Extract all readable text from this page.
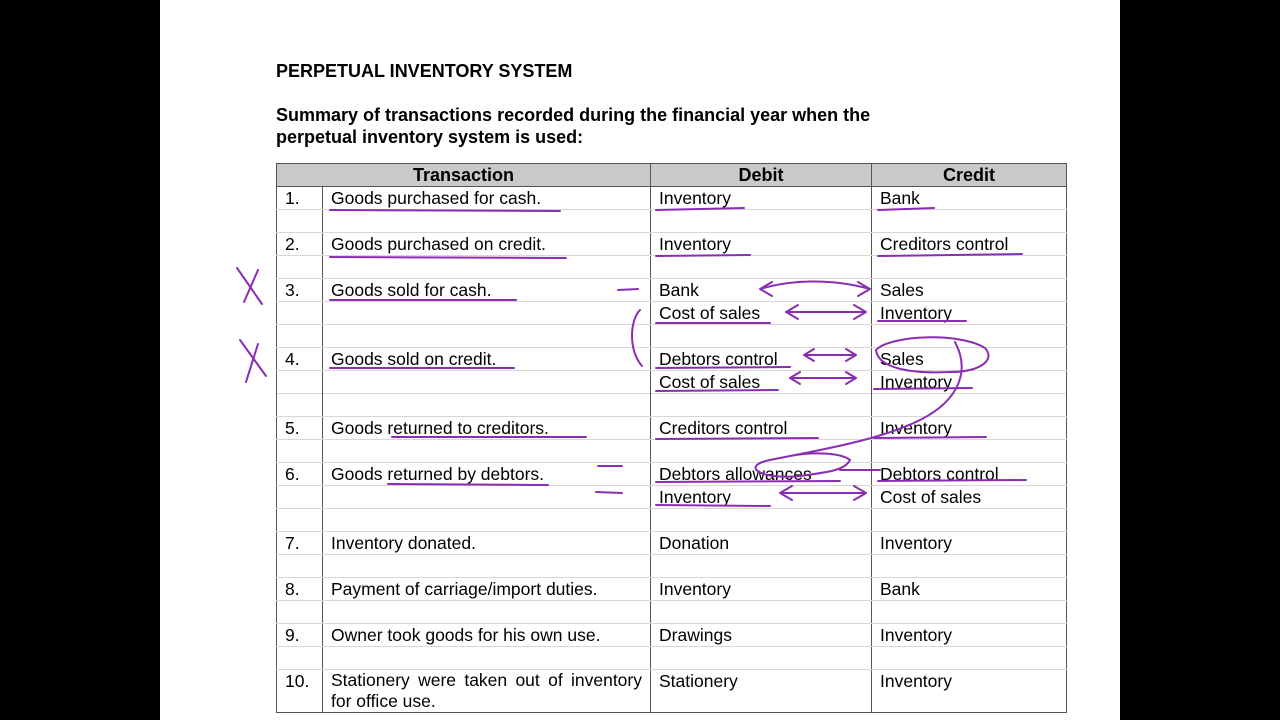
PERPETUAL INVENTORY SYSTEM
Summary of transactions recorded during the financial year when the
perpetual inventory system is used:
Transaction		Debit	Credit
1.	Goods purchased for cash.	Inventory	Bank

2.	Goods purchased on credit.	Inventory	Creditors control

3.	Goods sold for cash.	Bank	Sales
		Cost of sales	Inventory

4.	Goods sold on credit.	Debtors control	Sales
		Cost of sales	Inventory

5.	Goods returned to creditors.	Creditors control	Inventory

6.	Goods returned by debtors.	Debtors allowances	Debtors control
		Inventory	Cost of sales

7.	Inventory donated.	Donation	Inventory

8.	Payment of carriage/import duties.	Inventory	Bank

9.	Owner took goods for his own use.	Drawings	Inventory

10.	Stationery were taken out of inventory for office use.	Stationery	Inventory
